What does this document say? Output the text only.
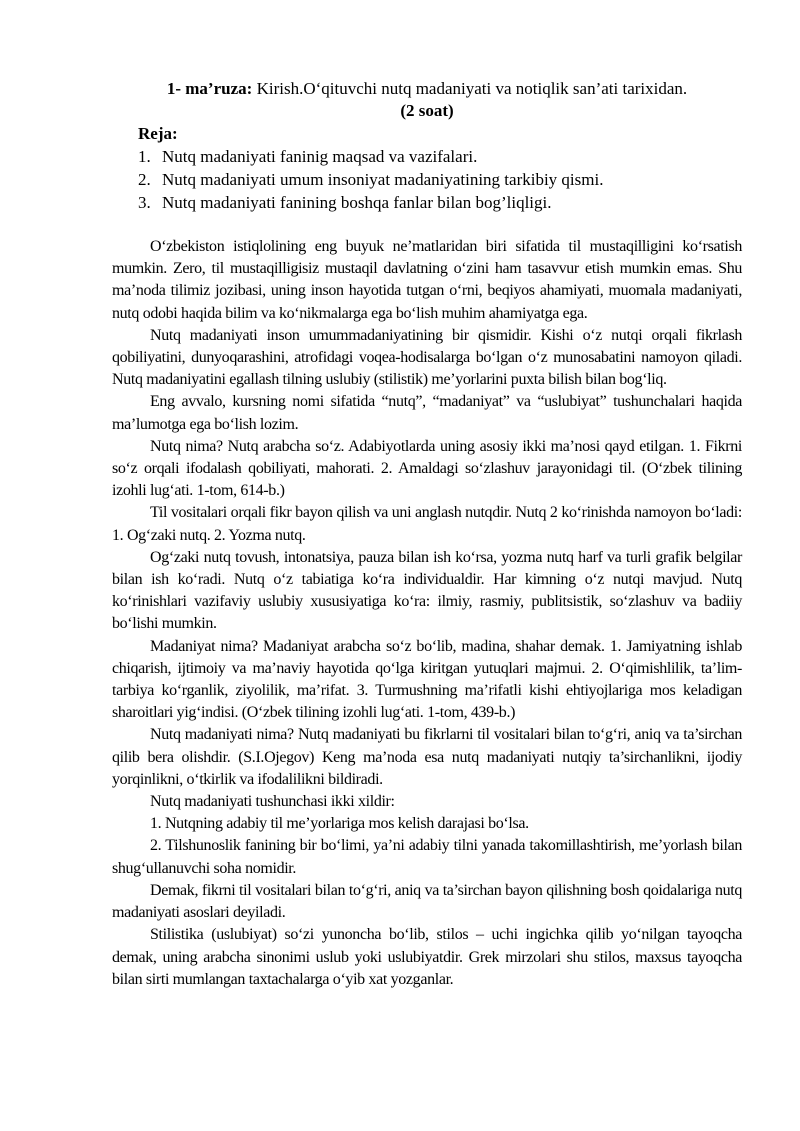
1- ma’ruza: Kirish.O‘qituvchi nutq madaniyati va notiqlik san’ati tarixidan.

(2 soat)

Reja:

1. Nutq madaniyati faninig maqsad va vazifalari.
2. Nutq madaniyati umum insoniyat madaniyatining tarkibiy qismi.
3. Nutq madaniyati fanining boshqa fanlar bilan bog’liqligi.

O‘zbekiston istiqlolining eng buyuk ne’matlaridan biri sifatida til mustaqilligini ko‘rsatish mumkin. Zero, til mustaqilligisiz mustaqil davlatning o‘zini ham tasavvur etish mumkin emas. Shu ma’noda tilimiz jozibasi, uning inson hayotida tutgan o‘rni, beqiyos ahamiyati, muomala madaniyati, nutq odobi haqida bilim va ko‘nikmalarga ega bo‘lish muhim ahamiyatga ega.

Nutq madaniyati inson umummadaniyatining bir qismidir. Kishi o‘z nutqi orqali fikrlash qobiliyatini, dunyoqarashini, atrofidagi voqea-hodisalarga bo‘lgan o‘z munosabatini namoyon qiladi. Nutq madaniyatini egallash tilning uslubiy (stilistik) me’yorlarini puxta bilish bilan bog‘liq.

Eng avvalo, kursning nomi sifatida “nutq”, “madaniyat” va “uslubiyat” tushunchalari haqida ma’lumotga ega bo‘lish lozim.

Nutq nima? Nutq arabcha so‘z. Adabiyotlarda uning asosiy ikki ma’nosi qayd etilgan. 1. Fikrni so‘z orqali ifodalash qobiliyati, mahorati. 2. Amaldagi so‘zlashuv jarayonidagi til. (O‘zbek tilining izohli lug‘ati. 1-tom, 614-b.)

Til vositalari orqali fikr bayon qilish va uni anglash nutqdir. Nutq 2 ko‘rinishda namoyon bo‘ladi: 1. Og‘zaki nutq. 2. Yozma nutq.

Og‘zaki nutq tovush, intonatsiya, pauza bilan ish ko‘rsa, yozma nutq harf va turli grafik belgilar bilan ish ko‘radi. Nutq o‘z tabiatiga ko‘ra individualdir. Har kimning o‘z nutqi mavjud. Nutq ko‘rinishlari vazifaviy uslubiy xususiyatiga ko‘ra: ilmiy, rasmiy, publitsistik, so‘zlashuv va badiiy bo‘lishi mumkin.

Madaniyat nima? Madaniyat arabcha so‘z bo‘lib, madina, shahar demak. 1. Jamiyatning ishlab chiqarish, ijtimoiy va ma’naviy hayotida qo‘lga kiritgan yutuqlari majmui. 2. O‘qimishlilik, ta’lim-tarbiya ko‘rganlik, ziyolilik, ma’rifat. 3. Turmushning ma’rifatli kishi ehtiyojlariga mos keladigan sharoitlari yig‘indisi. (O‘zbek tilining izohli lug‘ati. 1-tom, 439-b.)

Nutq madaniyati nima? Nutq madaniyati bu fikrlarni til vositalari bilan to‘g‘ri, aniq va ta’sirchan qilib bera olishdir. (S.I.Ojegov) Keng ma’noda esa nutq madaniyati nutqiy ta’sirchanlikni, ijodiy yorqinlikni, o‘tkirlik va ifodalilikni bildiradi.

Nutq madaniyati tushunchasi ikki xildir:

1. Nutqning adabiy til me’yorlariga mos kelish darajasi bo‘lsa.

2. Tilshunoslik fanining bir bo‘limi, ya’ni adabiy tilni yanada takomillashtirish, me’yorlash bilan shug‘ullanuvchi soha nomidir.

Demak, fikrni til vositalari bilan to‘g‘ri, aniq va ta’sirchan bayon qilishning bosh qoidalariga nutq madaniyati asoslari deyiladi.

Stilistika (uslubiyat) so‘zi yunoncha bo‘lib, stilos – uchi ingichka qilib yo‘nilgan tayoqcha demak, uning arabcha sinonimi uslub yoki uslubiyatdir. Grek mirzolari shu stilos, maxsus tayoqcha bilan sirti mumlangan taxtachalarga o‘yib xat yozganlar.
